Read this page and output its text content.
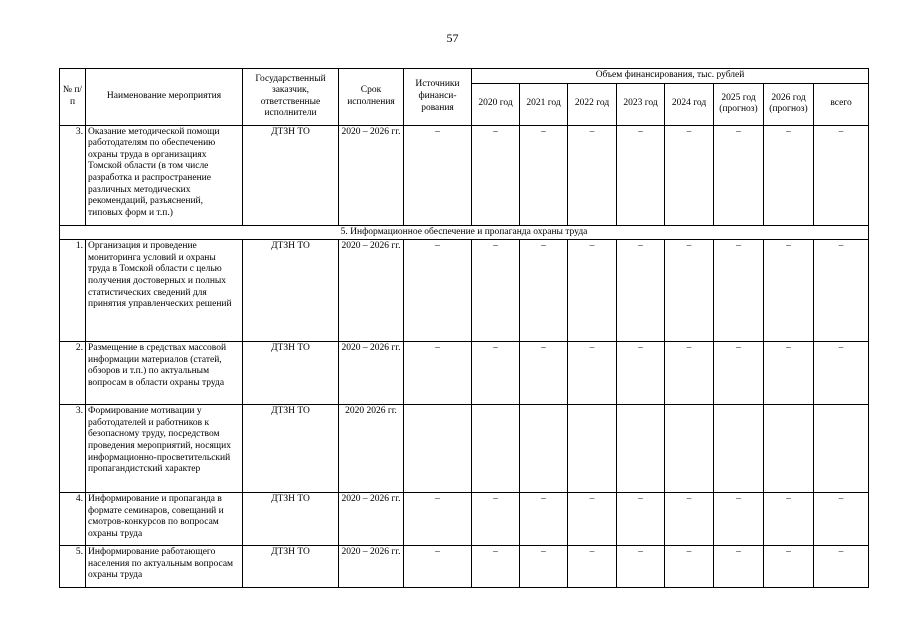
57
№ п/п	Наименование мероприятия	Государственный заказчик, ответственные исполнители	Срок исполнения	Источники финанси-рования	Объем финансирования, тыс. рублей							
					2020 год	2021 год	2022 год	2023 год	2024 год	2025 год (прогноз)	2026 год (прогноз)	всего
3.	Оказание методической помощи работодателям по обеспечению охраны труда в организациях Томской области (в том числе разработка и распространение различных методических рекомендаций, разъяснений, типовых форм и т.п.)	ДТЗН ТО	2020 – 2026 гг.	–	–	–	–	–	–	–	–	–
5. Информационное обеспечение и пропаганда охраны труда												
1.	Организация и проведение мониторинга условий и охраны труда в Томской области с целью получения достоверных и полных статистических сведений для принятия управленческих решений	ДТЗН ТО	2020 – 2026 гг.	–	–	–	–	–	–	–	–	–
2.	Размещение в средствах массовой информации материалов (статей, обзоров и т.п.) по актуальным вопросам в области охраны труда	ДТЗН ТО	2020 – 2026 гг.	–	–	–	–	–	–	–	–	–
3.	Формирование мотивации у работодателей и работников к безопасному труду, посредством проведения мероприятий, носящих информационно-просветительский пропагандистский характер	ДТЗН ТО	2020 2026 гг.									
4.	Информирование и пропаганда в формате семинаров, совещаний и смотров-конкурсов по вопросам охраны труда	ДТЗН ТО	2020 – 2026 гг.	–	–	–	–	–	–	–	–	–
5.	Информирование работающего населения по актуальным вопросам охраны труда	ДТЗН ТО	2020 – 2026 гг.	–	–	–	–	–	–	–	–	–
